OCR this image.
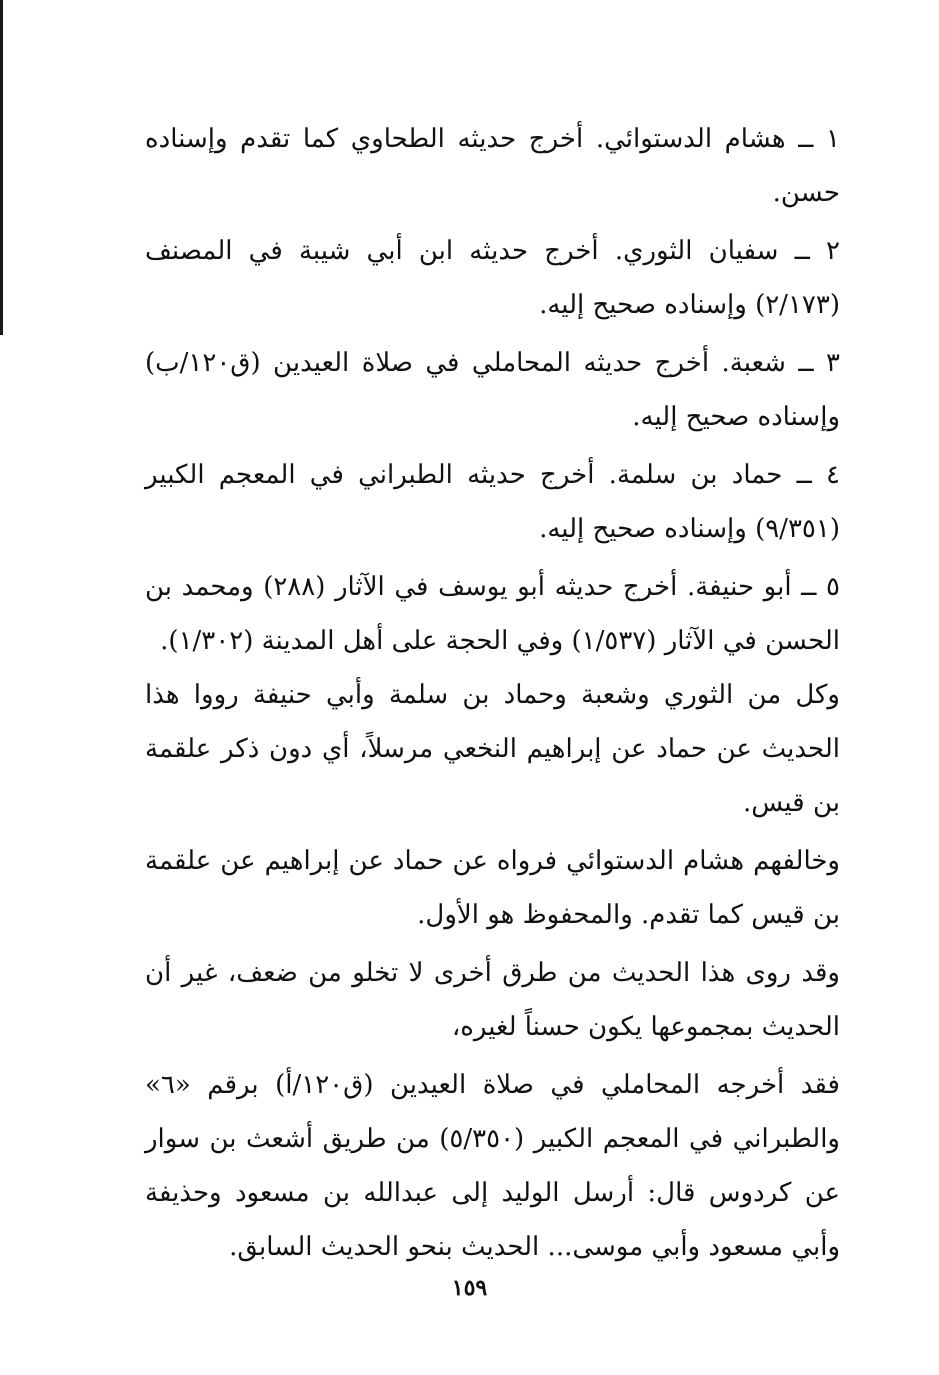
١ ــ هشام الدستوائي. أخرج حديثه الطحاوي كما تقدم وإسناده حسن.

٢ ــ سفيان الثوري. أخرج حديثه ابن أبي شيبة في المصنف (٢/١٧٣) وإسناده صحيح إليه.

٣ ــ شعبة. أخرج حديثه المحاملي في صلاة العيدين (ق١٢٠/ب) وإسناده صحيح إليه.

٤ ــ حماد بن سلمة. أخرج حديثه الطبراني في المعجم الكبير (٩/٣٥١) وإسناده صحيح إليه.

٥ ــ أبو حنيفة. أخرج حديثه أبو يوسف في الآثار (٢٨٨) ومحمد بن الحسن في الآثار (١/٥٣٧) وفي الحجة على أهل المدينة (١/٣٠٢).

وكل من الثوري وشعبة وحماد بن سلمة وأبي حنيفة رووا هذا الحديث عن حماد عن إبراهيم النخعي مرسلاً، أي دون ذكر علقمة بن قيس.

وخالفهم هشام الدستوائي فرواه عن حماد عن إبراهيم عن علقمة بن قيس كما تقدم. والمحفوظ هو الأول.

وقد روى هذا الحديث من طرق أخرى لا تخلو من ضعف، غير أن الحديث بمجموعها يكون حسناً لغيره،

فقد أخرجه المحاملي في صلاة العيدين (ق١٢٠/أ) برقم «٦» والطبراني في المعجم الكبير (٥/٣٥٠) من طريق أشعث بن سوار عن كردوس قال: أرسل الوليد إلى عبدالله بن مسعود وحذيفة وأبي مسعود وأبي موسى... الحديث بنحو الحديث السابق.

١٥٩
